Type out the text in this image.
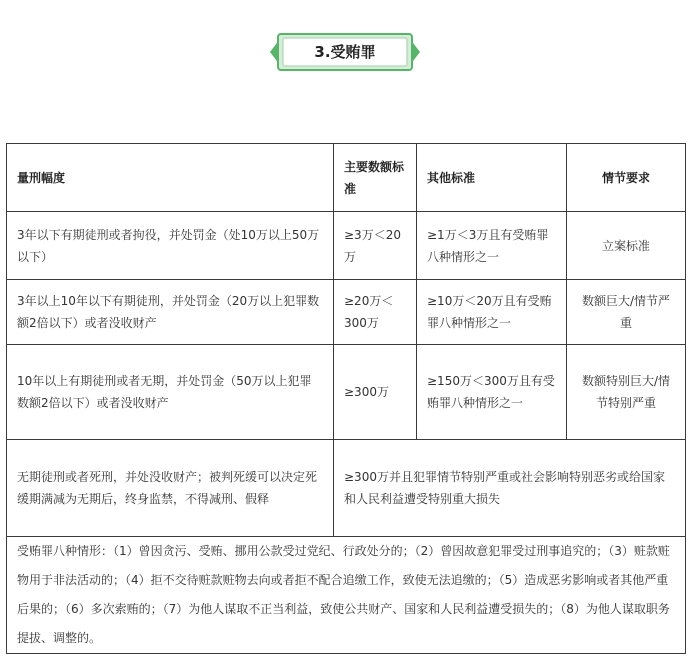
3.受贿罪
量刑幅度	主要数额标准	其他标准	情节要求
3年以下有期徒刑或者拘役，并处罚金（处10万以上50万以下）	≥3万＜20万	≥1万＜3万且有受贿罪八种情形之一	立案标准
3年以上10年以下有期徒刑，并处罚金（20万以上犯罪数额2倍以下）或者没收财产	≥20万＜300万	≥10万＜20万且有受贿罪八种情形之一	数额巨大/情节严重
10年以上有期徒刑或者无期，并处罚金（50万以上犯罪数额2倍以下）或者没收财产	≥300万	≥150万＜300万且有受贿罪八种情形之一	数额特别巨大/情节特别严重
无期徒刑或者死刑，并处没收财产；被判死缓可以决定死缓期满减为无期后，终身监禁，不得减刑、假释	≥300万并且犯罪情节特别严重或社会影响特别恶劣或给国家和人民利益遭受特别重大损失		
受贿罪八种情形：（1）曾因贪污、受贿、挪用公款受过党纪、行政处分的；（2）曾因故意犯罪受过刑事追究的；（3）赃款赃物用于非法活动的；（4）拒不交待赃款赃物去向或者拒不配合追缴工作，致使无法追缴的；（5）造成恶劣影响或者其他严重后果的；（6）多次索贿的；（7）为他人谋取不正当利益，致使公共财产、国家和人民利益遭受损失的；（8）为他人谋取职务提拔、调整的。			
